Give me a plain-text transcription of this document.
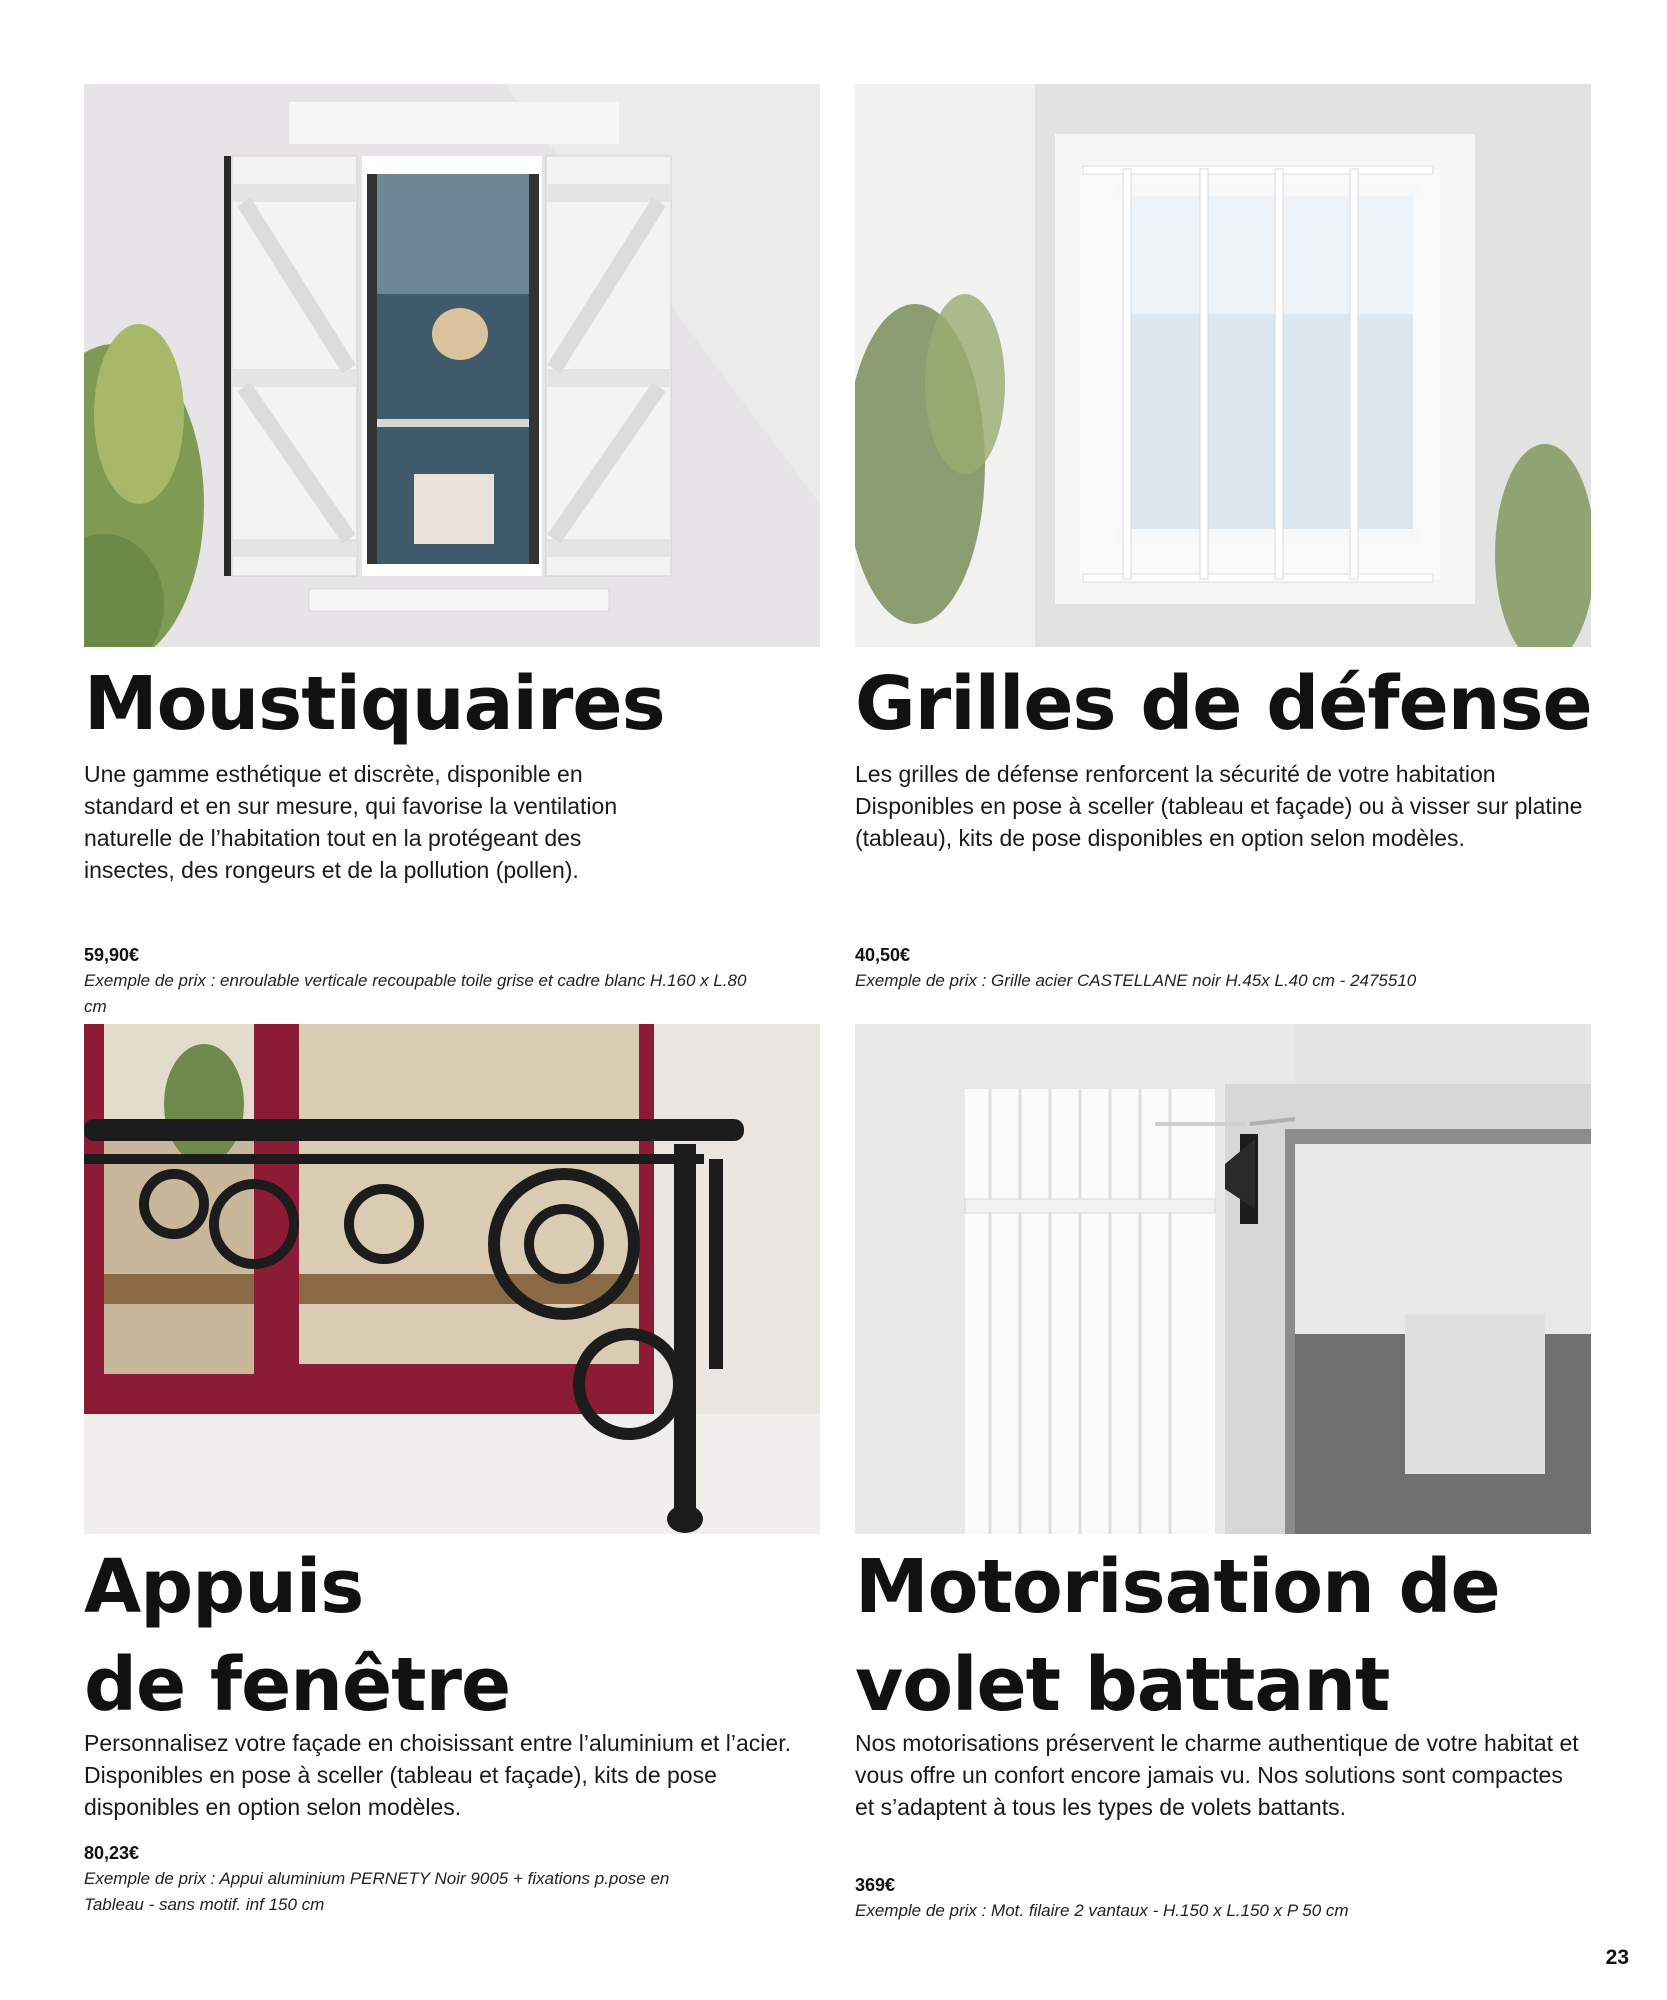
Moustiquaires

Une gamme esthétique et discrète, disponible en standard et en sur mesure, qui favorise la ventilation naturelle de l’habitation tout en la protégeant des insectes, des rongeurs et de la pollution (pollen).

59,90€

Exemple de prix : enroulable verticale recoupable toile grise et cadre blanc H.160 x L.80 cm

Grilles de défense

Les grilles de défense renforcent la sécurité de votre habitation Disponibles en pose à sceller (tableau et façade) ou à visser sur platine (tableau), kits de pose disponibles en option selon modèles.

40,50€

Exemple de prix : Grille acier CASTELLANE noir H.45x L.40 cm - 2475510

Appuis
de fenêtre

Personnalisez votre façade en choisissant entre l’aluminium et l’acier. Disponibles en pose à sceller (tableau et façade), kits de pose disponibles en option selon modèles.

80,23€

Exemple de prix : Appui aluminium PERNETY Noir 9005 + fixations p.pose en Tableau - sans motif. inf 150 cm

Motorisation de
volet battant

Nos motorisations préservent le charme authentique de votre habitat et vous offre un confort encore jamais vu. Nos solutions sont compactes et s’adaptent à tous les types de volets battants.

369€

Exemple de prix : Mot. filaire 2 vantaux - H.150 x L.150 x P 50 cm

23
